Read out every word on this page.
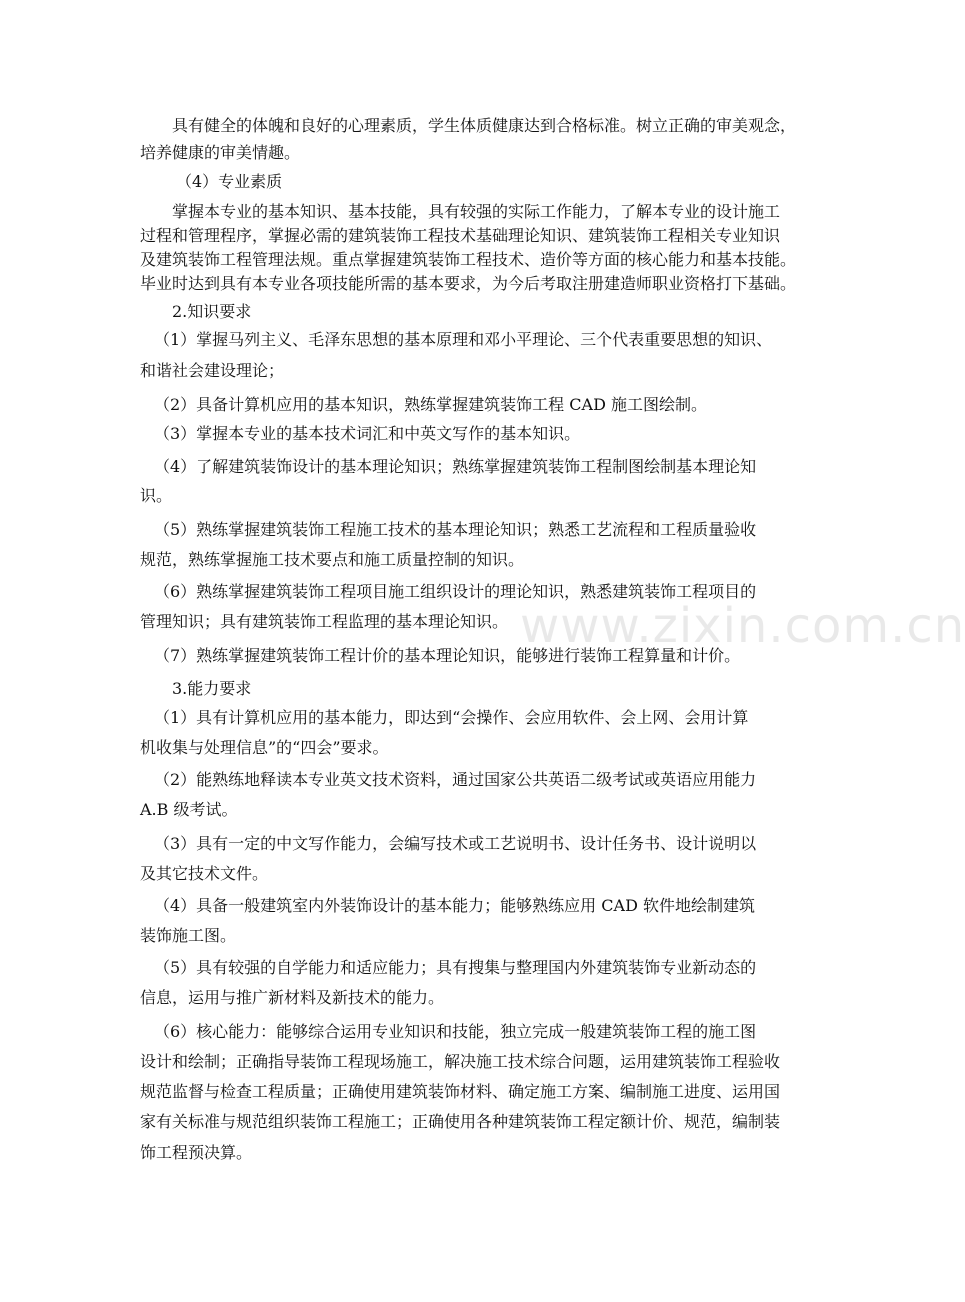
www.zixin.com.cn
具有健全的体魄和良好的心理素质，学生体质健康达到合格标准。树立正确的审美观念，
培养健康的审美情趣。
（4）专业素质
掌握本专业的基本知识、基本技能，具有较强的实际工作能力，了解本专业的设计施工
过程和管理程序，掌握必需的建筑装饰工程技术基础理论知识、建筑装饰工程相关专业知识
及建筑装饰工程管理法规。重点掌握建筑装饰工程技术、造价等方面的核心能力和基本技能。
毕业时达到具有本专业各项技能所需的基本要求，为今后考取注册建造师职业资格打下基础。
2.知识要求
（1）掌握马列主义、毛泽东思想的基本原理和邓小平理论、三个代表重要思想的知识、
和谐社会建设理论；
（2）具备计算机应用的基本知识，熟练掌握建筑装饰工程 CAD 施工图绘制。
（3）掌握本专业的基本技术词汇和中英文写作的基本知识。
（4）了解建筑装饰设计的基本理论知识；熟练掌握建筑装饰工程制图绘制基本理论知
识。
（5）熟练掌握建筑装饰工程施工技术的基本理论知识；熟悉工艺流程和工程质量验收
规范，熟练掌握施工技术要点和施工质量控制的知识。
（6）熟练掌握建筑装饰工程项目施工组织设计的理论知识，熟悉建筑装饰工程项目的
管理知识；具有建筑装饰工程监理的基本理论知识。
（7）熟练掌握建筑装饰工程计价的基本理论知识，能够进行装饰工程算量和计价。
3.能力要求
（1）具有计算机应用的基本能力，即达到“会操作、会应用软件、会上网、会用计算
机收集与处理信息”的“四会”要求。
（2）能熟练地释读本专业英文技术资料，通过国家公共英语二级考试或英语应用能力
A.B 级考试。
（3）具有一定的中文写作能力，会编写技术或工艺说明书、设计任务书、设计说明以
及其它技术文件。
（4）具备一般建筑室内外装饰设计的基本能力；能够熟练应用 CAD 软件地绘制建筑
装饰施工图。
（5）具有较强的自学能力和适应能力；具有搜集与整理国内外建筑装饰专业新动态的
信息，运用与推广新材料及新技术的能力。
（6）核心能力：能够综合运用专业知识和技能，独立完成一般建筑装饰工程的施工图
设计和绘制；正确指导装饰工程现场施工，解决施工技术综合问题，运用建筑装饰工程验收
规范监督与检查工程质量；正确使用建筑装饰材料、确定施工方案、编制施工进度、运用国
家有关标准与规范组织装饰工程施工；正确使用各种建筑装饰工程定额计价、规范，编制装
饰工程预决算。
